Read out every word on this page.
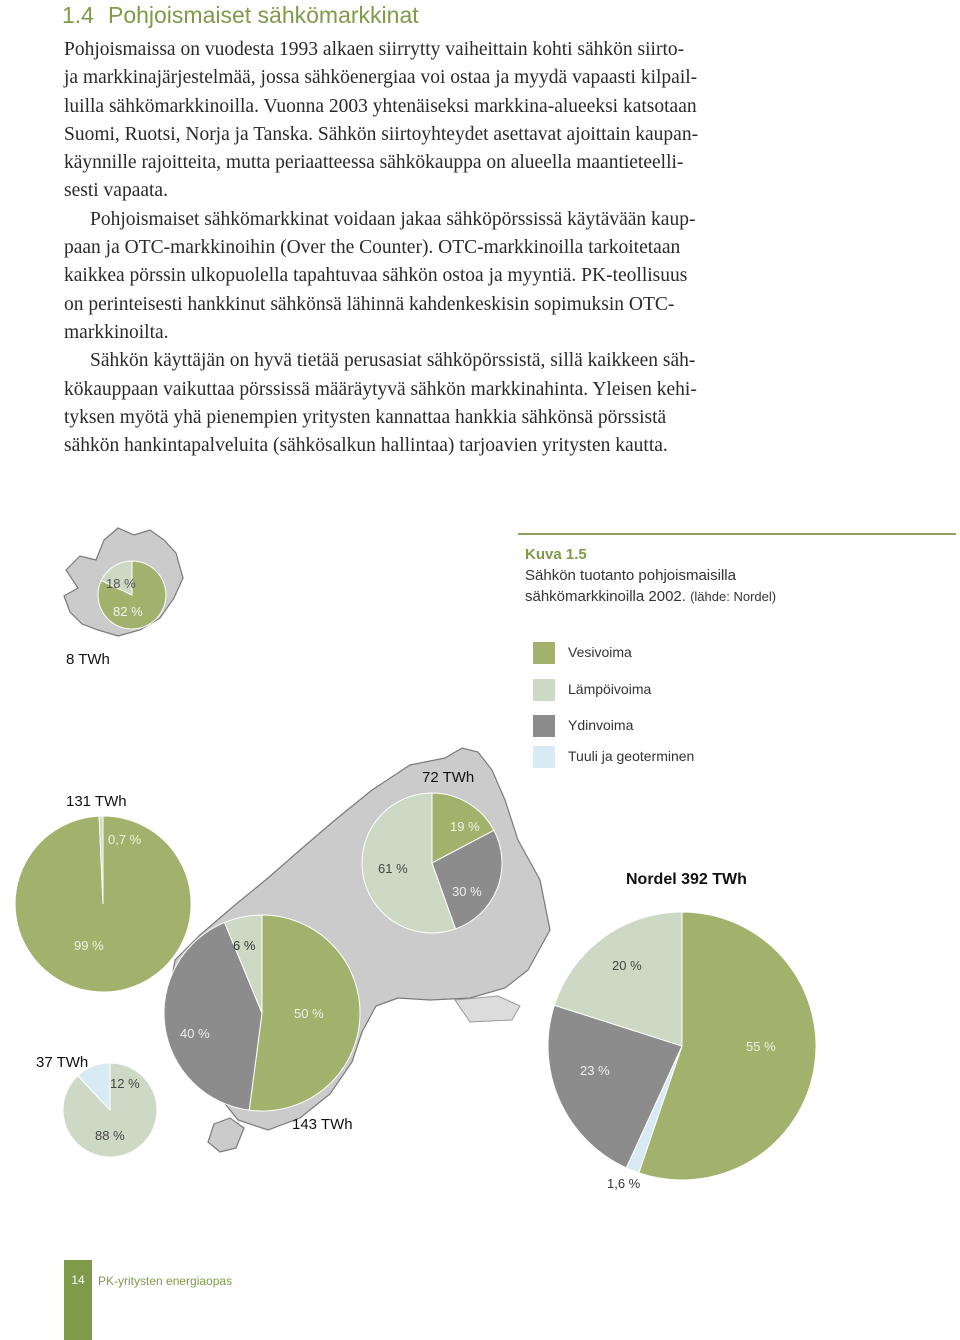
1.4 Pohjoismaiset sähkömarkkinat

Pohjoismaissa on vuodesta 1993 alkaen siirrytty vaiheittain kohti sähkön siirto-
ja markkinajärjestelmää, jossa sähköenergiaa voi ostaa ja myydä vapaasti kilpail-
luilla sähkömarkkinoilla. Vuonna 2003 yhtenäiseksi markkina-alueeksi katsotaan
Suomi, Ruotsi, Norja ja Tanska. Sähkön siirtoyhteydet asettavat ajoittain kaupan-
käynnille rajoitteita, mutta periaatteessa sähkökauppa on alueella maantieteelli-
sesti vapaata.

Pohjoismaiset sähkömarkkinat voidaan jakaa sähköpörssissä käytävään kaup-
paan ja OTC-markkinoihin (Over the Counter). OTC-markkinoilla tarkoitetaan
kaikkea pörssin ulkopuolella tapahtuvaa sähkön ostoa ja myyntiä. PK-teollisuus
on perinteisesti hankkinut sähkönsä lähinnä kahdenkeskisin sopimuksin OTC-
markkinoilta.

Sähkön käyttäjän on hyvä tietää perusasiat sähköpörssistä, sillä kaikkeen säh-
kökauppaan vaikuttaa pörssissä määräytyvä sähkön markkinahinta. Yleisen kehi-
tyksen myötä yhä pienempien yritysten kannattaa hankkia sähkönsä pörssistä
sähkön hankintapalveluita (sähkösalkun hallintaa) tarjoavien yritysten kautta.

8 TWh
131 TWh
72 TWh
143 TWh
37 TWh
Nordel 392 TWh
18 %
82 %
0,7 %
99 %
19 %
61 %
30 %
6 %
50 %
40 %
12 %
88 %
20 %
55 %
23 %
1,6 %
Kuva 1.5
Sähkön tuotanto pohjoismaisilla
sähkömarkkinoilla 2002. (lähde: Nordel)
Vesivoima
Lämpöivoima
Ydinvoima
Tuuli ja geoterminen
14	PK-yritysten energiaopas
